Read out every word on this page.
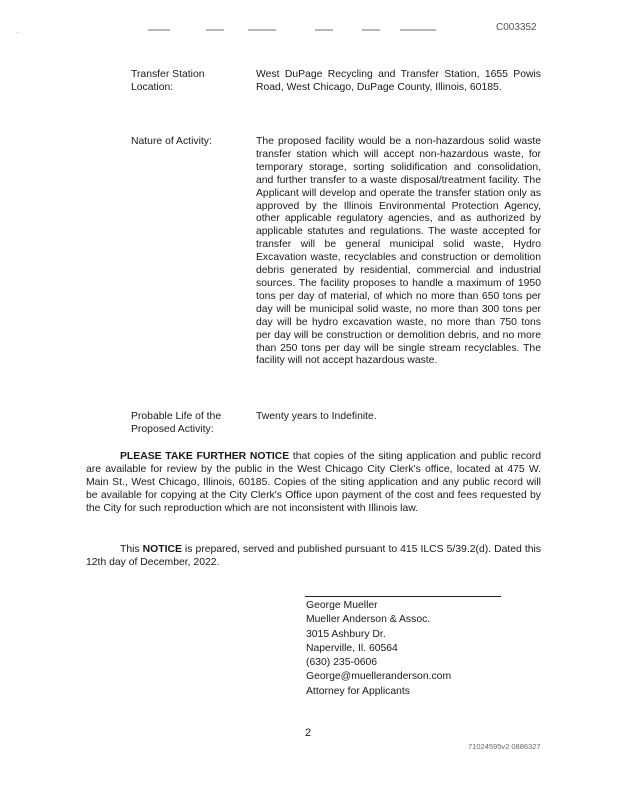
·	C003352
Transfer Station Location:

West DuPage Recycling and Transfer Station, 1655 Powis Road, West Chicago, DuPage County, Illinois, 60185.

Nature of Activity:	The proposed facility would be a non-hazardous solid waste transfer station which will accept non-hazardous waste, for temporary storage, sorting solidification and consolidation, and further transfer to a waste disposal/treatment facility. The Applicant will develop and operate the transfer station only as approved by the Illinois Environmental Protection Agency, other applicable regulatory agencies, and as authorized by applicable statutes and regulations. The waste accepted for transfer will be general municipal solid waste, Hydro Excavation waste, recyclables and construction or demolition debris generated by residential, commercial and industrial sources. The facility proposes to handle a maximum of 1950 tons per day of material, of which no more than 650 tons per day will be municipal solid waste, no more than 300 tons per day will be hydro excavation waste, no more than 750 tons per day will be construction or demolition debris, and no more than 250 tons per day will be single stream recyclables. The facility will not accept hazardous waste.

Probable Life of the Proposed Activity:

Twenty years to Indefinite.

PLEASE TAKE FURTHER NOTICE that copies of the siting application and public record are available for review by the public in the West Chicago City Clerk's office, located at 475 W. Main St., West Chicago, Illinois, 60185. Copies of the siting application and any public record will be available for copying at the City Clerk's Office upon payment of the cost and fees requested by the City for such reproduction which are not inconsistent with Illinois law.

This NOTICE is prepared, served and published pursuant to 415 ILCS 5/39.2(d). Dated this 12th day of December, 2022.

George Mueller
Mueller Anderson & Assoc.
3015 Ashbury Dr.
Naperville, Il. 60564
(630) 235-0606
George@muelleranderson.com
Attorney for Applicants
2
71024595v2 0886327
